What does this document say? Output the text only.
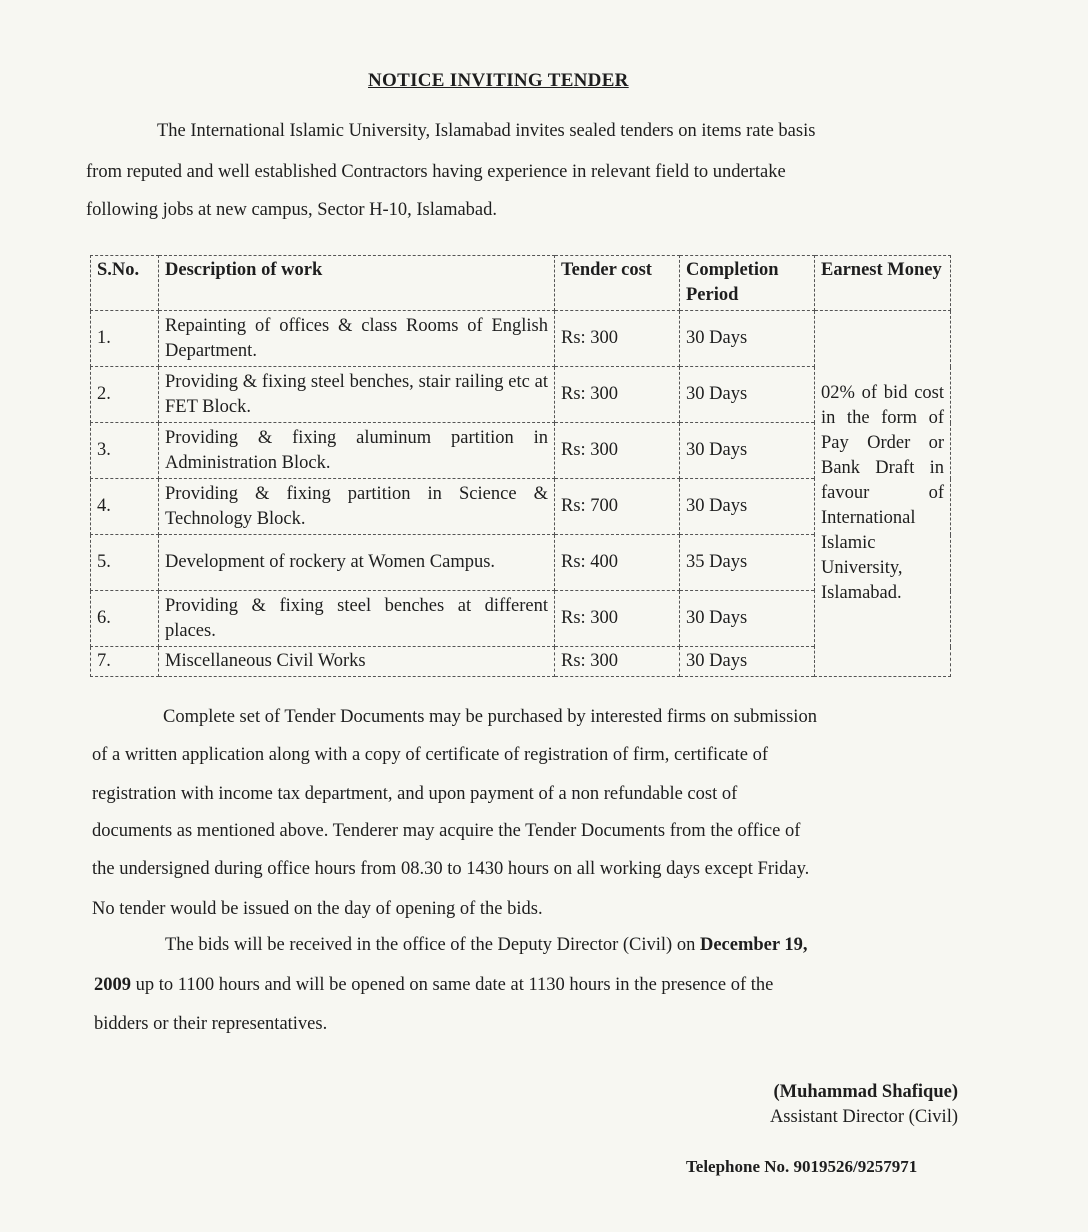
NOTICE INVITING TENDER
The International Islamic University, Islamabad invites sealed tenders on items rate basis
from reputed and well established Contractors having experience in relevant field to undertake
following jobs at new campus, Sector H-10, Islamabad.
S.No.	Description of work	Tender cost	Completion Period	Earnest Money
1.	Repainting of offices & class Rooms of English Department.	Rs: 300	30 Days	02% of bid cost in the form of Pay Order or Bank Draft in favour of International Islamic University, Islamabad.
2.	Providing & fixing steel benches, stair railing etc at FET Block.	Rs: 300	30 Days	
3.	Providing & fixing aluminum partition in Administration Block.	Rs: 300	30 Days	
4.	Providing & fixing partition in Science & Technology Block.	Rs: 700	30 Days	
5.	Development of rockery at Women Campus.	Rs: 400	35 Days	
6.	Providing & fixing steel benches at different places.	Rs: 300	30 Days	
7.	Miscellaneous Civil Works	Rs: 300	30 Days	
Complete set of Tender Documents may be purchased by interested firms on submission
of a written application along with a copy of certificate of registration of firm, certificate of
registration with income tax department, and upon payment of a non refundable cost of
documents as mentioned above. Tenderer may acquire the Tender Documents from the office of
the undersigned during office hours from 08.30 to 1430 hours on all working days except Friday.
No tender would be issued on the day of opening of the bids.
The bids will be received in the office of the Deputy Director (Civil) on December 19,
2009 up to 1100 hours and will be opened on same date at 1130 hours in the presence of the
bidders or their representatives.
(Muhammad Shafique)
Assistant Director (Civil)
Telephone No. 9019526/9257971
